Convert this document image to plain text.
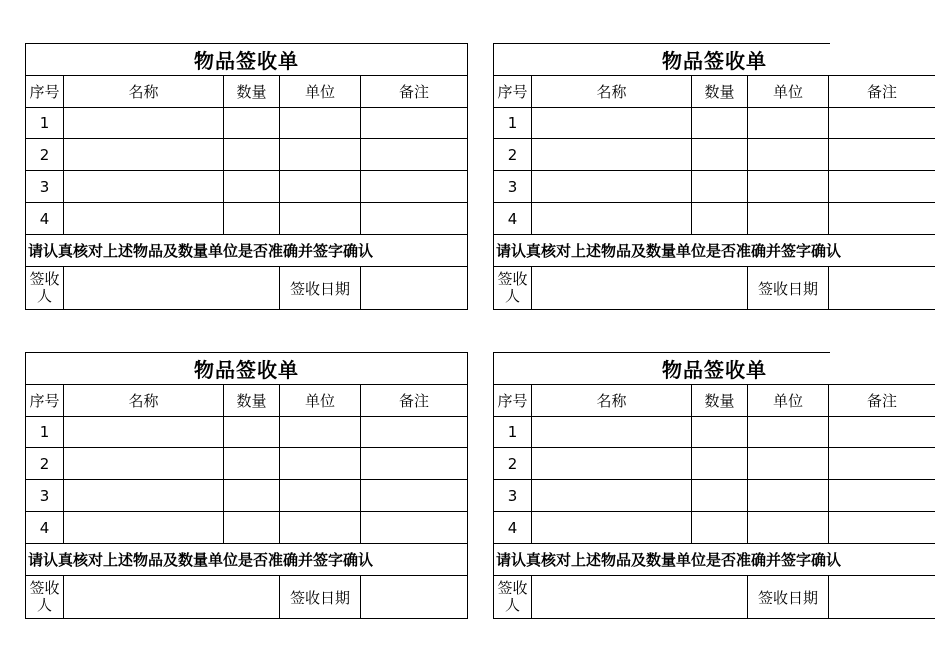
物品签收单
序号	名称	数量	单位	备注
1
2
3
4
请认真核对上述物品及数量单位是否准确并签字确认
签收人	签收日期
物品签收单
序号	名称	数量	单位	备注
1
2
3
4
请认真核对上述物品及数量单位是否准确并签字确认
签收人	签收日期
物品签收单
序号	名称	数量	单位	备注
1
2
3
4
请认真核对上述物品及数量单位是否准确并签字确认
签收人	签收日期
物品签收单
序号	名称	数量	单位	备注
1
2
3
4
请认真核对上述物品及数量单位是否准确并签字确认
签收人	签收日期
